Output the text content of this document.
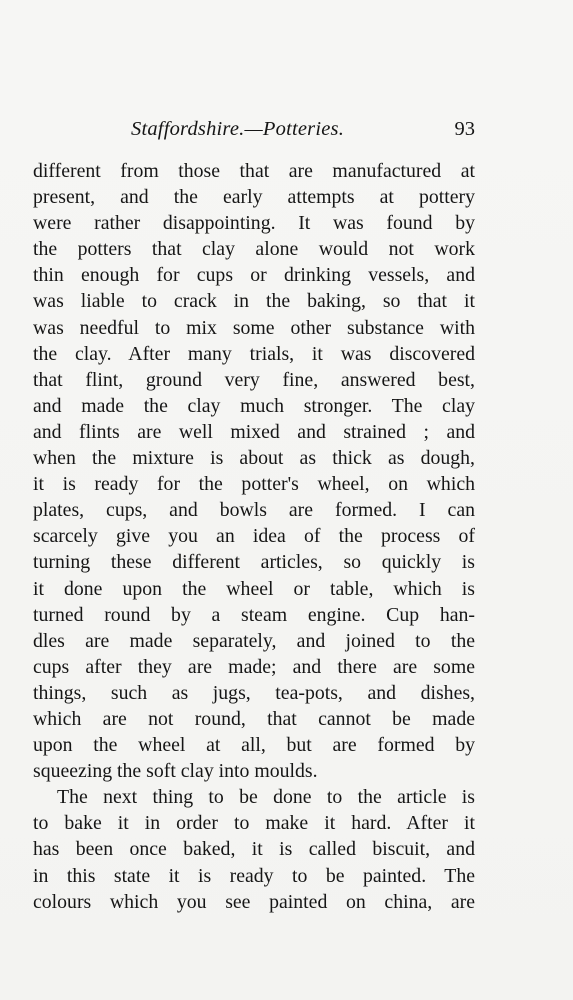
Staffordshire.—Potteries.	93
different from those that are manufactured at
present, and the early attempts at pottery
were rather disappointing. It was found by
the potters that clay alone would not work
thin enough for cups or drinking vessels, and
was liable to crack in the baking, so that it
was needful to mix some other substance with
the clay. After many trials, it was discovered
that flint, ground very fine, answered best,
and made the clay much stronger. The clay
and flints are well mixed and strained ; and
when the mixture is about as thick as dough,
it is ready for the potter's wheel, on which
plates, cups, and bowls are formed. I can
scarcely give you an idea of the process of
turning these different articles, so quickly is
it done upon the wheel or table, which is
turned round by a steam engine. Cup han-
dles are made separately, and joined to the
cups after they are made; and there are some
things, such as jugs, tea-pots, and dishes,
which are not round, that cannot be made
upon the wheel at all, but are formed by
squeezing the soft clay into moulds.
The next thing to be done to the article is
to bake it in order to make it hard. After it
has been once baked, it is called biscuit, and
in this state it is ready to be painted. The
colours which you see painted on china, are
